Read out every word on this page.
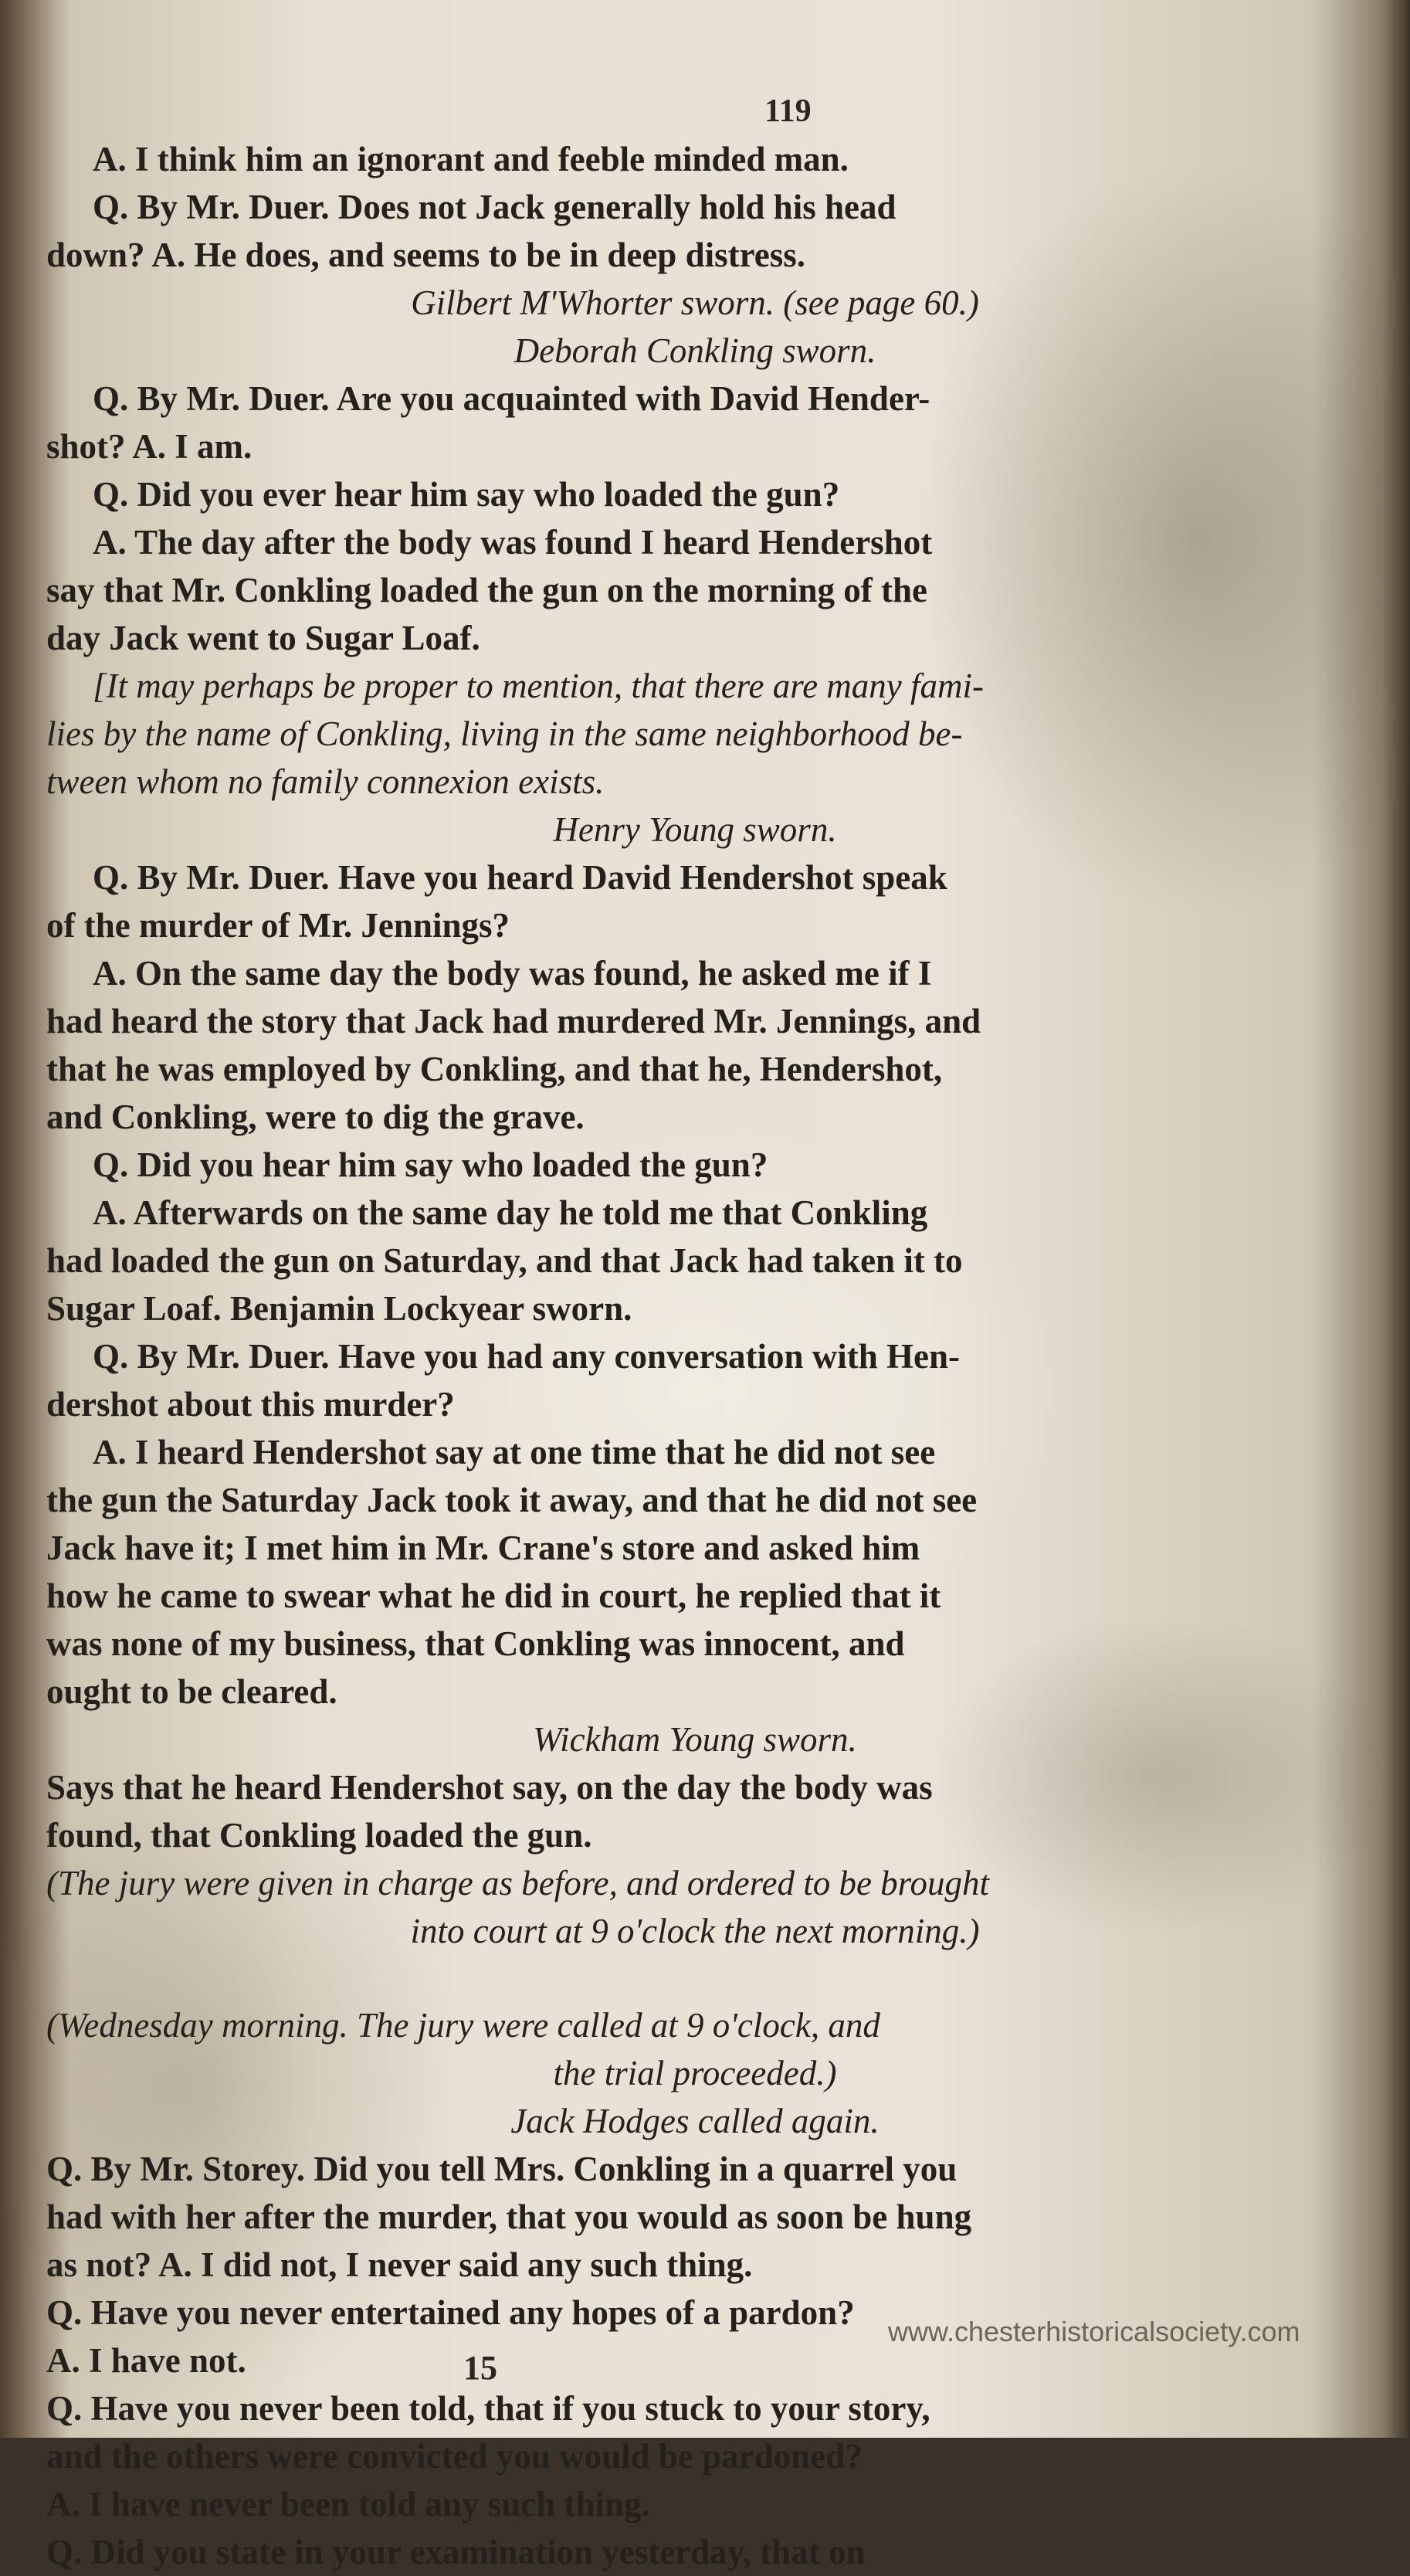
119
A. I think him an ignorant and feeble minded man.
Q. By Mr. Duer. Does not Jack generally hold his head
down? A. He does, and seems to be in deep distress.
Gilbert M'Whorter sworn. (see page 60.)
Deborah Conkling sworn.
Q. By Mr. Duer. Are you acquainted with David Hender-
shot? A. I am.
Q. Did you ever hear him say who loaded the gun?
A. The day after the body was found I heard Hendershot
say that Mr. Conkling loaded the gun on the morning of the
day Jack went to Sugar Loaf.
[It may perhaps be proper to mention, that there are many fami-
lies by the name of Conkling, living in the same neighborhood be-
tween whom no family connexion exists.
Henry Young sworn.
Q. By Mr. Duer. Have you heard David Hendershot speak
of the murder of Mr. Jennings?
A. On the same day the body was found, he asked me if I
had heard the story that Jack had murdered Mr. Jennings, and
that he was employed by Conkling, and that he, Hendershot,
and Conkling, were to dig the grave.
Q. Did you hear him say who loaded the gun?
A. Afterwards on the same day he told me that Conkling
had loaded the gun on Saturday, and that Jack had taken it to
Sugar Loaf. Benjamin Lockyear sworn.
Q. By Mr. Duer. Have you had any conversation with Hen-
dershot about this murder?
A. I heard Hendershot say at one time that he did not see
the gun the Saturday Jack took it away, and that he did not see
Jack have it; I met him in Mr. Crane's store and asked him
how he came to swear what he did in court, he replied that it
was none of my business, that Conkling was innocent, and
ought to be cleared.
Wickham Young sworn.
Says that he heard Hendershot say, on the day the body was
found, that Conkling loaded the gun.
(The jury were given in charge as before, and ordered to be brought
into court at 9 o'clock the next morning.)
(Wednesday morning. The jury were called at 9 o'clock, and
the trial proceeded.)
Jack Hodges called again.
Q. By Mr. Storey. Did you tell Mrs. Conkling in a quarrel you
had with her after the murder, that you would as soon be hung
as not? A. I did not, I never said any such thing.
Q. Have you never entertained any hopes of a pardon?
A. I have not.
Q. Have you never been told, that if you stuck to your story,
and the others were convicted you would be pardoned?
A. I have never been told any such thing.
Q. Did you state in your examination yesterday, that on
15
www.chesterhistoricalsociety.com
